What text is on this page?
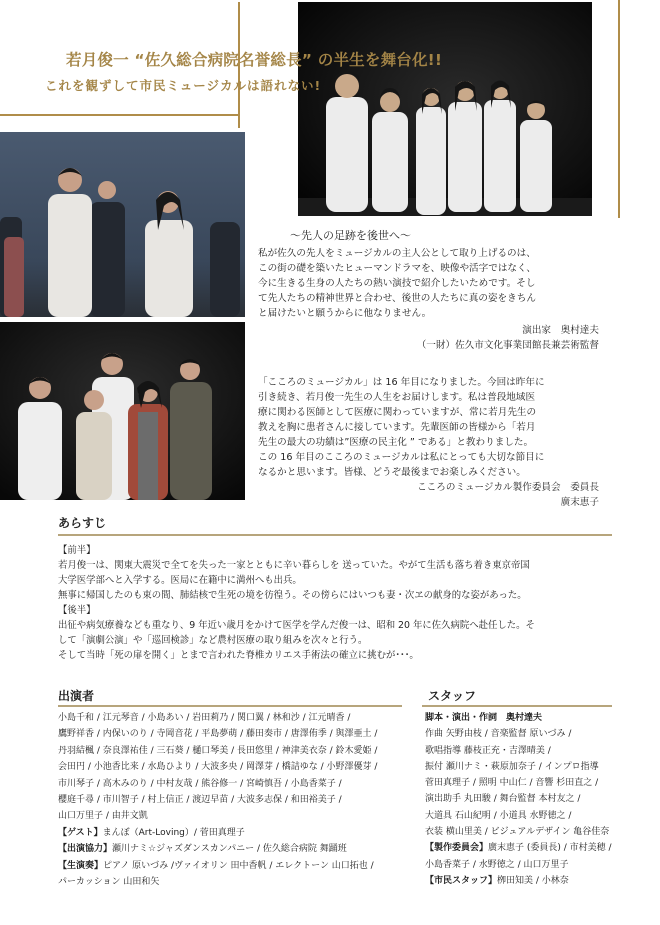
若月俊一 “佐久総合病院名誉総長” の半生を舞台化!!
これを観ずして市民ミュージカルは語れない!
〜先人の足跡を後世へ〜

私が佐久の先人をミュージカルの主人公として取り上げるのは、

この街の礎を築いたヒューマンドラマを、映像や活字ではなく、

今に生きる生身の人たちの熱い演技で紹介したいためです。そし

て先人たちの精神世界と合わせ、後世の人たちに真の姿をきちん

と届けたいと願うからに他なりません。

演出家　奥村達夫
（一財）佐久市文化事業団館長兼芸術監督

「こころのミュージカル」は 16 年目になりました。今回は昨年に

引き続き、若月俊一先生の人生をお届けします。私は普段地域医

療に関わる医師として医療に関わっていますが、常に若月先生の

教えを胸に患者さんに接しています。先輩医師の皆様から「若月

先生の最大の功績は”医療の民主化 ” である」と教わりました。

この 16 年目のこころのミュージカルは私にとっても大切な節目に

なるかと思います。皆様、どうぞ最後までお楽しみください。

こころのミュージカル製作委員会　委員長
廣末恵子
あらすじ

【前半】

若月俊一は、関東大震災で全てを失った一家とともに辛い暮らしを 送っていた。やがて生活も落ち着き東京帝国

大学医学部へと入学する。医局に在籍中に満州へも出兵。

無事に帰国したのも束の間、肺結核で生死の境を彷徨う。その傍らにはいつも妻・次ヱの献身的な姿があった。

【後半】

出征や病気療養なども重なり、9 年近い歳月をかけて医学を学んだ俊一は、昭和 20 年に佐久病院へ赴任した。そ

して「演劇公演」や「巡回検診」など農村医療の取り組みを次々と行う。

そして当時「死の扉を開く」とまで言われた脊椎カリエス手術法の確立に挑むが･･･。

出演者

小島千和 / 江元琴音 / 小島あい / 岩田莉乃 / 関口翼 / 林和沙 / 江元晴香 /

鷹野祥香 / 内保いのり / 寺岡音花 / 平島夢萌 / 藤田奏市 / 唐澤侑季 / 與澤亜土 /

丹羽結楓 / 奈良澤祐佳 / 三石葵 / 樋口琴美 / 長田悠里 / 神津美衣奈 / 鈴木愛姫 /

会田円 / 小池香比来 / 水島ひより / 大波多央 / 岡澤芽 / 橋詰ゆな / 小野澤優芽 /

市川琴子 / 高木みのり / 中村友哉 / 熊谷修一 / 宮崎慎吾 / 小島香菜子 /

櫻庭千尋 / 市川智子 / 村上信正 / 渡辺早苗 / 大波多志保 / 和田裕美子 /

山口万里子 / 由井文凱

【ゲスト】まんぼ（Art-Loving）/ 菅田真理子

【出演協力】瀬川ナミ☆ジャズダンスカンパニー / 佐久総合病院 舞踊班

【生演奏】ピアノ 原いづみ /ヴァイオリン 田中香帆 / エレクトーン 山口拓也 /

パーカッション 山田和矢

スタッフ

脚本・演出・作詞　奥村達夫

作曲 矢野由枝 / 音楽監督 原いづみ /

歌唱指導 藤枝正充・吉澤晴美 /

振付 瀬川ナミ・萩原加奈子 / インプロ指導

菅田真理子 / 照明 中山仁 / 音響 杉田直之 /

演出助手 丸田駿 / 舞台監督 本村友之 /

大道具 石山紀明 / 小道具 水野徳之 /

衣装 横山里美 / ビジュアルデザイン 亀谷佳奈

【製作委員会】廣末恵子 (委員長) / 市村美穂 /

小島香菜子 / 水野徳之 / 山口万里子

【市民スタッフ】栁田知美 / 小林奈
